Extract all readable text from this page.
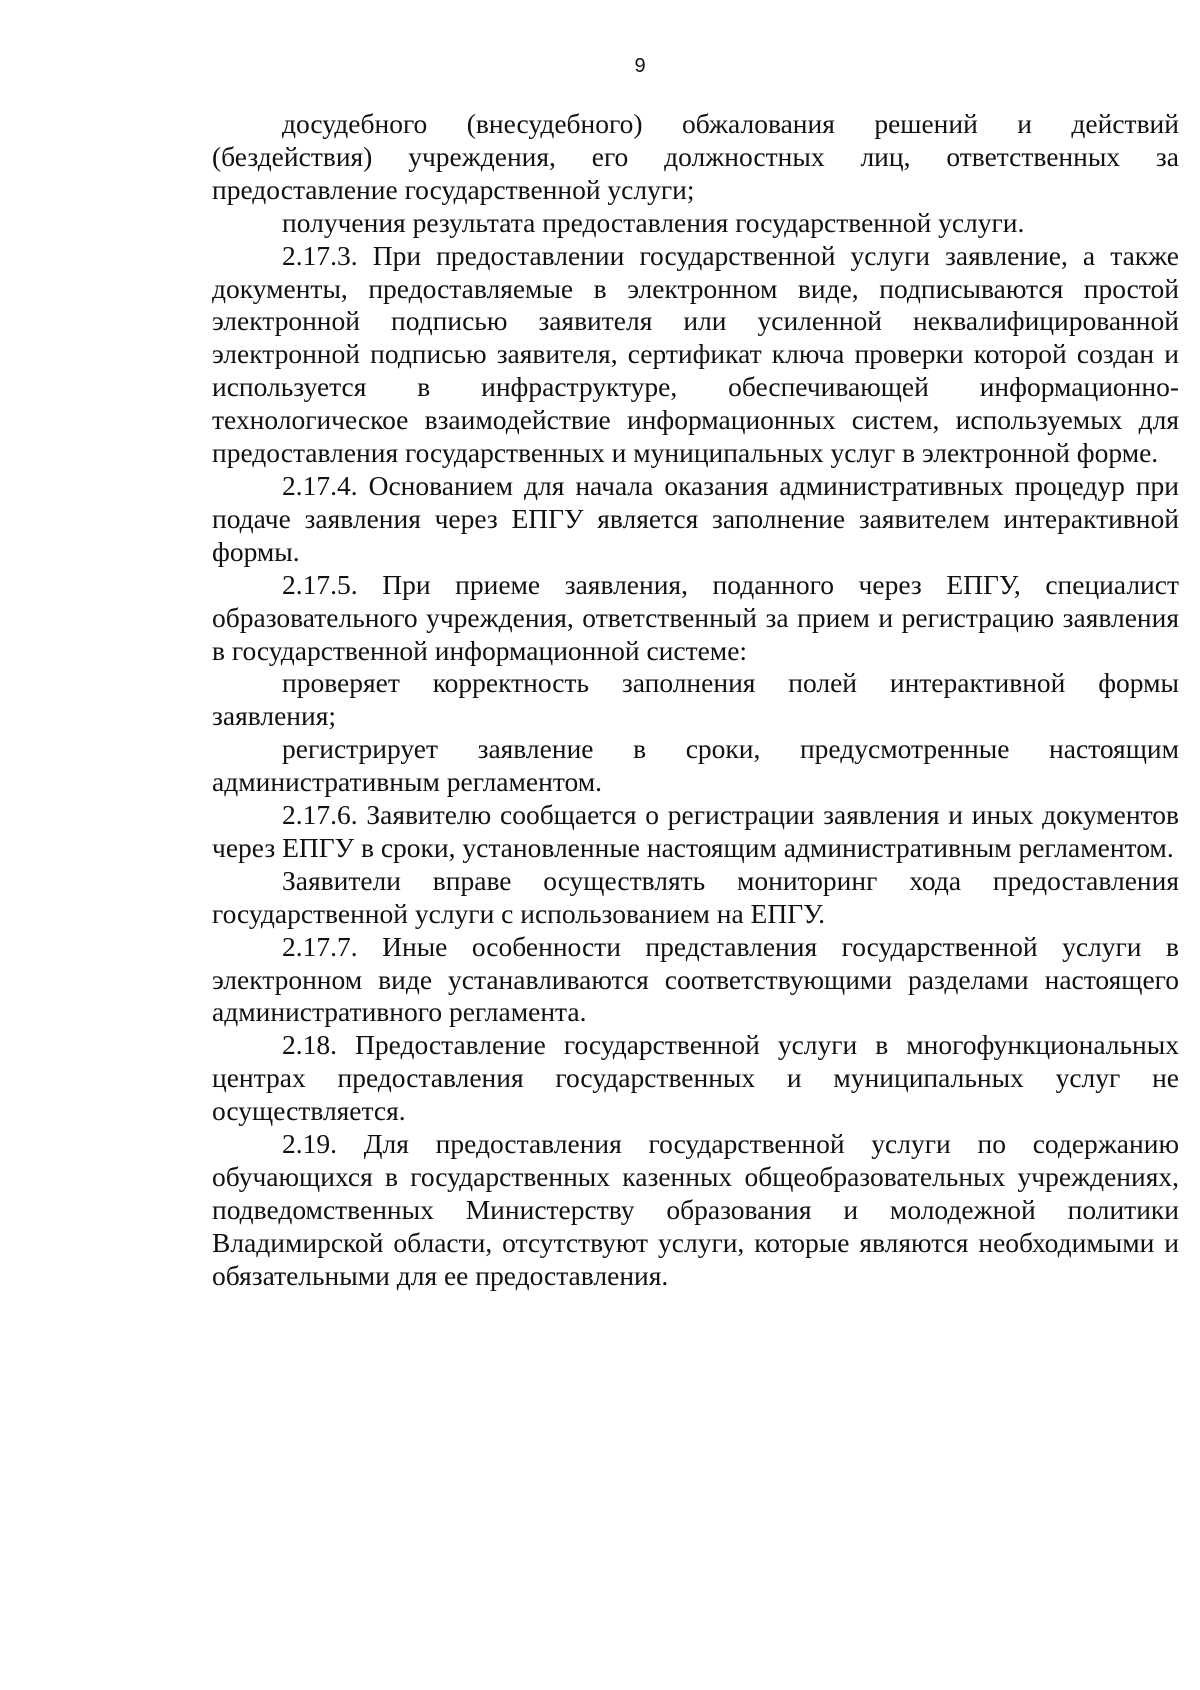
9

досудебного (внесудебного) обжалования решений и действий (бездействия) учреждения, его должностных лиц, ответственных за предоставление государственной услуги;

получения результата предоставления государственной услуги.

2.17.3. При предоставлении государственной услуги заявление, а также документы, предоставляемые в электронном виде, подписываются простой электронной подписью заявителя или усиленной неквалифицированной электронной подписью заявителя, сертификат ключа проверки которой создан и используется в инфраструктуре, обеспечивающей информационно-технологическое взаимодействие информационных систем, используемых для предоставления государственных и муниципальных услуг в электронной форме.

2.17.4. Основанием для начала оказания административных процедур при подаче заявления через ЕПГУ является заполнение заявителем интерактивной формы.

2.17.5. При приеме заявления, поданного через ЕПГУ, специалист образовательного учреждения, ответственный за прием и регистрацию заявления в государственной информационной системе:

проверяет корректность заполнения полей интерактивной формы заявления;

регистрирует заявление в сроки, предусмотренные настоящим административным регламентом.

2.17.6. Заявителю сообщается о регистрации заявления и иных документов через ЕПГУ в сроки, установленные настоящим административным регламентом.

Заявители вправе осуществлять мониторинг хода предоставления государственной услуги с использованием на ЕПГУ.

2.17.7. Иные особенности представления государственной услуги в электронном виде устанавливаются соответствующими разделами настоящего административного регламента.

2.18. Предоставление государственной услуги в многофункциональных центрах предоставления государственных и муниципальных услуг не осуществляется.

2.19. Для предоставления государственной услуги по содержанию обучающихся в государственных казенных общеобразовательных учреждениях, подведомственных Министерству образования и молодежной политики Владимирской области, отсутствуют услуги, которые являются необходимыми и обязательными для ее предоставления.
